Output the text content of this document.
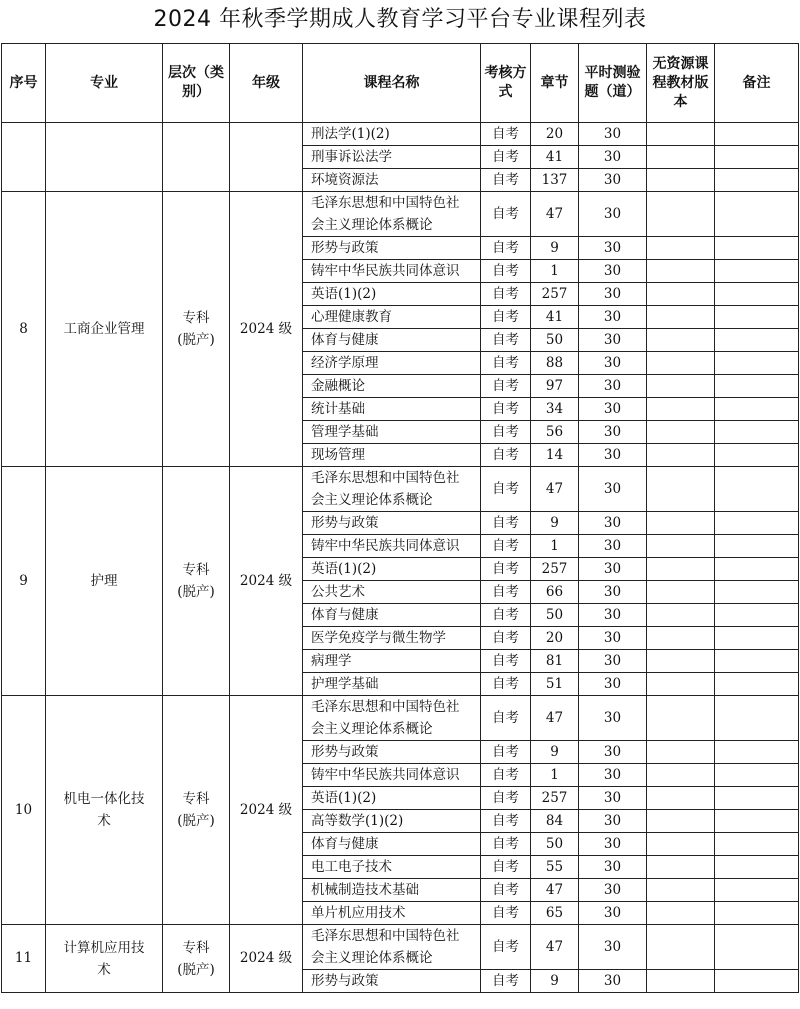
2024 年秋季学期成人教育学习平台专业课程列表
序号	专业	层次（类别）	年级	课程名称	考核方式	章节	平时测验题（道）	无资源课程教材版本	备注
				刑法学(1)(2)	自考	20	30		
				刑事诉讼法学	自考	41	30		
				环境资源法	自考	137	30		
8	工商企业管理	专科(脱产)	2024 级	毛泽东思想和中国特色社会主义理论体系概论	自考	47	30		
				形势与政策	自考	9	30		
				铸牢中华民族共同体意识	自考	1	30		
				英语(1)(2)	自考	257	30		
				心理健康教育	自考	41	30		
				体育与健康	自考	50	30		
				经济学原理	自考	88	30		
				金融概论	自考	97	30		
				统计基础	自考	34	30		
				管理学基础	自考	56	30		
				现场管理	自考	14	30		
9	护理	专科(脱产)	2024 级	毛泽东思想和中国特色社会主义理论体系概论	自考	47	30		
				形势与政策	自考	9	30		
				铸牢中华民族共同体意识	自考	1	30		
				英语(1)(2)	自考	257	30		
				公共艺术	自考	66	30		
				体育与健康	自考	50	30		
				医学免疫学与微生物学	自考	20	30		
				病理学	自考	81	30		
				护理学基础	自考	51	30		
10	机电一体化技术	专科(脱产)	2024 级	毛泽东思想和中国特色社会主义理论体系概论	自考	47	30		
				形势与政策	自考	9	30		
				铸牢中华民族共同体意识	自考	1	30		
				英语(1)(2)	自考	257	30		
				高等数学(1)(2)	自考	84	30		
				体育与健康	自考	50	30		
				电工电子技术	自考	55	30		
				机械制造技术基础	自考	47	30		
				单片机应用技术	自考	65	30		
11	计算机应用技术	专科(脱产)	2024 级	毛泽东思想和中国特色社会主义理论体系概论	自考	47	30		
				形势与政策	自考	9	30		
